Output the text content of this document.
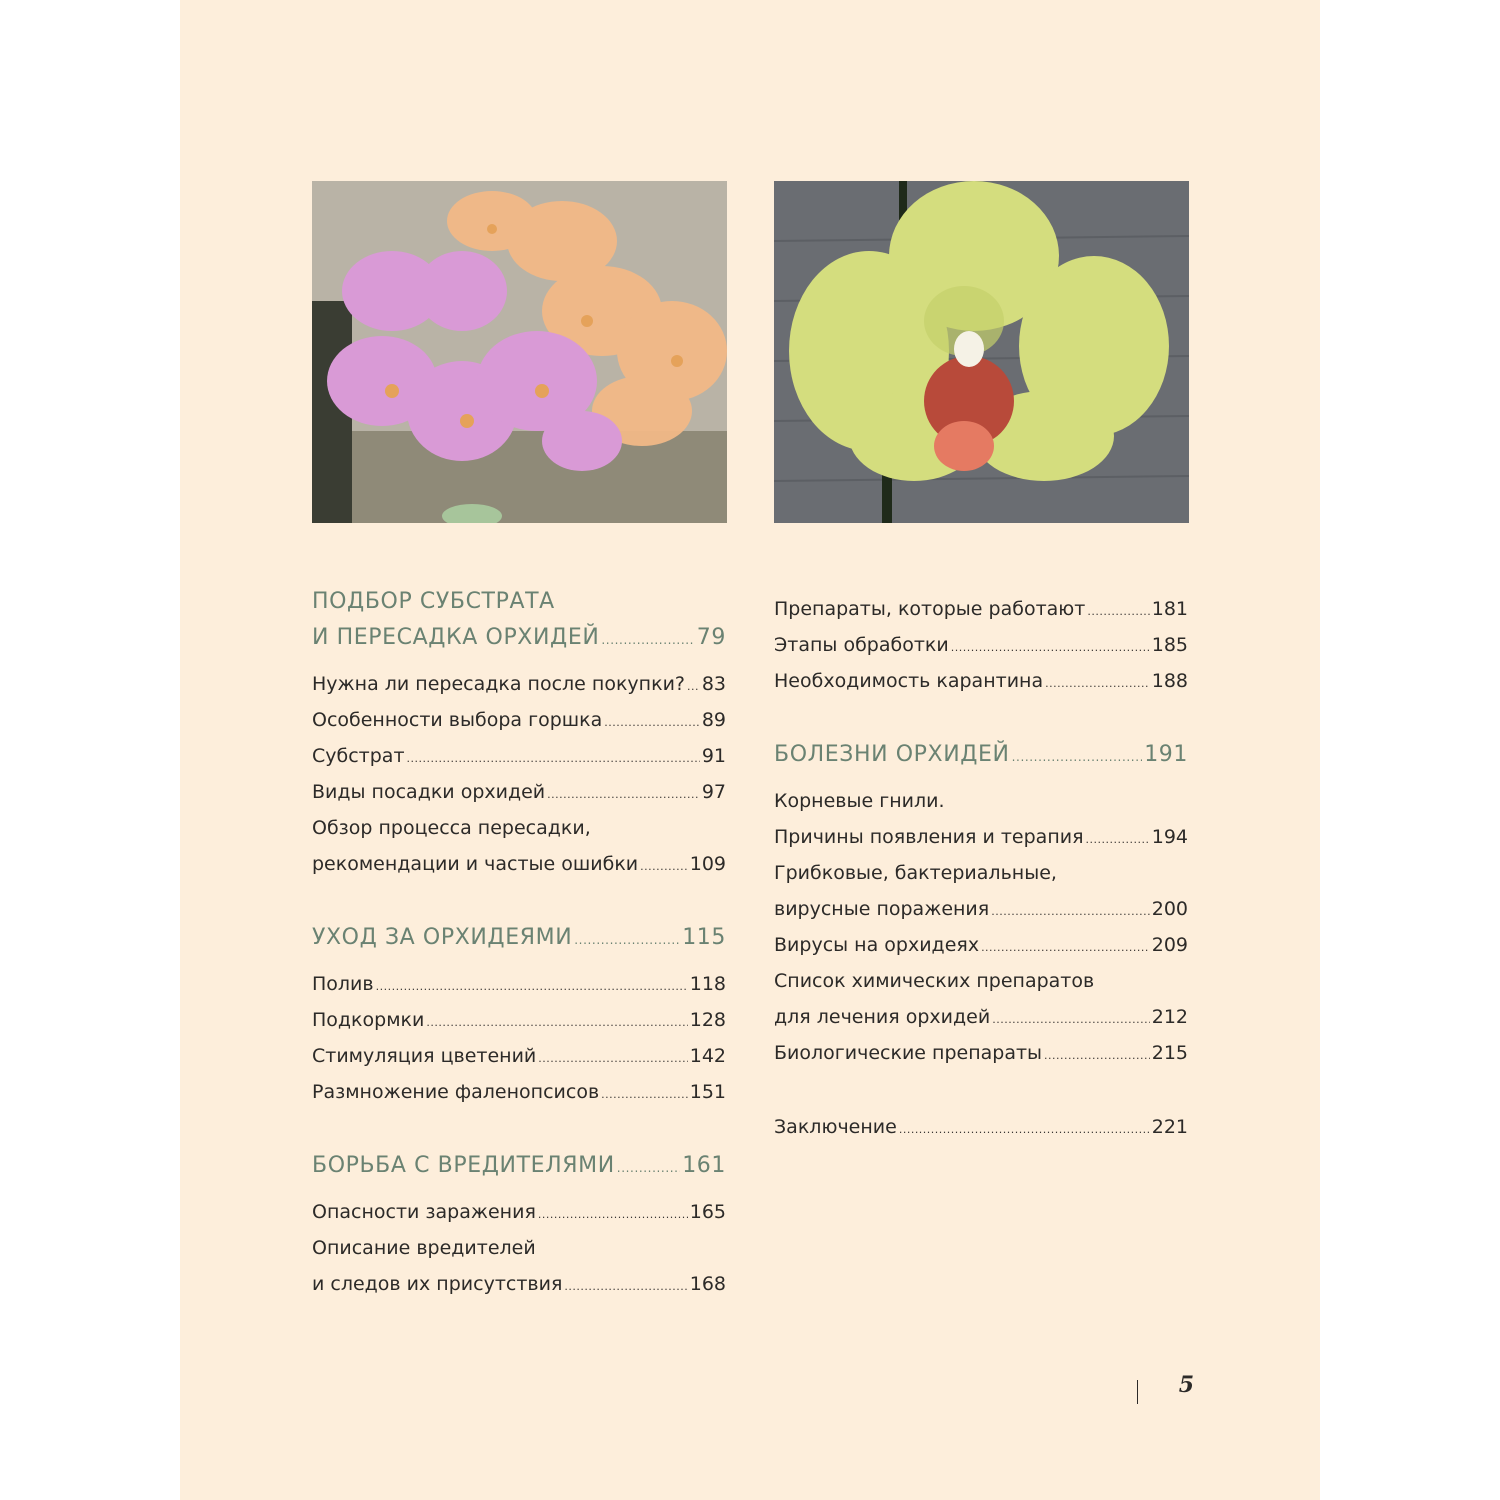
ПОДБОР СУБСТРАТА
И ПЕРЕСАДКА ОРХИДЕЙ .....	79
Нужна ли пересадка после покупки? ..... 83
Особенности выбора горшка .....	89
Субстрат .....	91
Виды посадки орхидей .....	97
Обзор процесса пересадки,
рекомендации и частые ошибки .....	109
УХОД ЗА ОРХИДЕЯМИ .....	115
Полив .....	118
Подкормки .....	128
Стимуляция цветений .....	142
Размножение фаленопсисов .....	151
БОРЬБА С ВРЕДИТЕЛЯМИ .....	161
Опасности заражения .....	165
Описание вредителей
и следов их присутствия .....	168
Препараты, которые работают .....	181
Этапы обработки .....	185
Необходимость карантина .....	188
БОЛЕЗНИ ОРХИДЕЙ .....	191
Корневые гнили.
Причины появления и терапия .....	194
Грибковые, бактериальные,
вирусные поражения .....	200
Вирусы на орхидеях .....	209
Список химических препаратов
для лечения орхидей .....	212
Биологические препараты .....	215
Заключение .....	221
5
